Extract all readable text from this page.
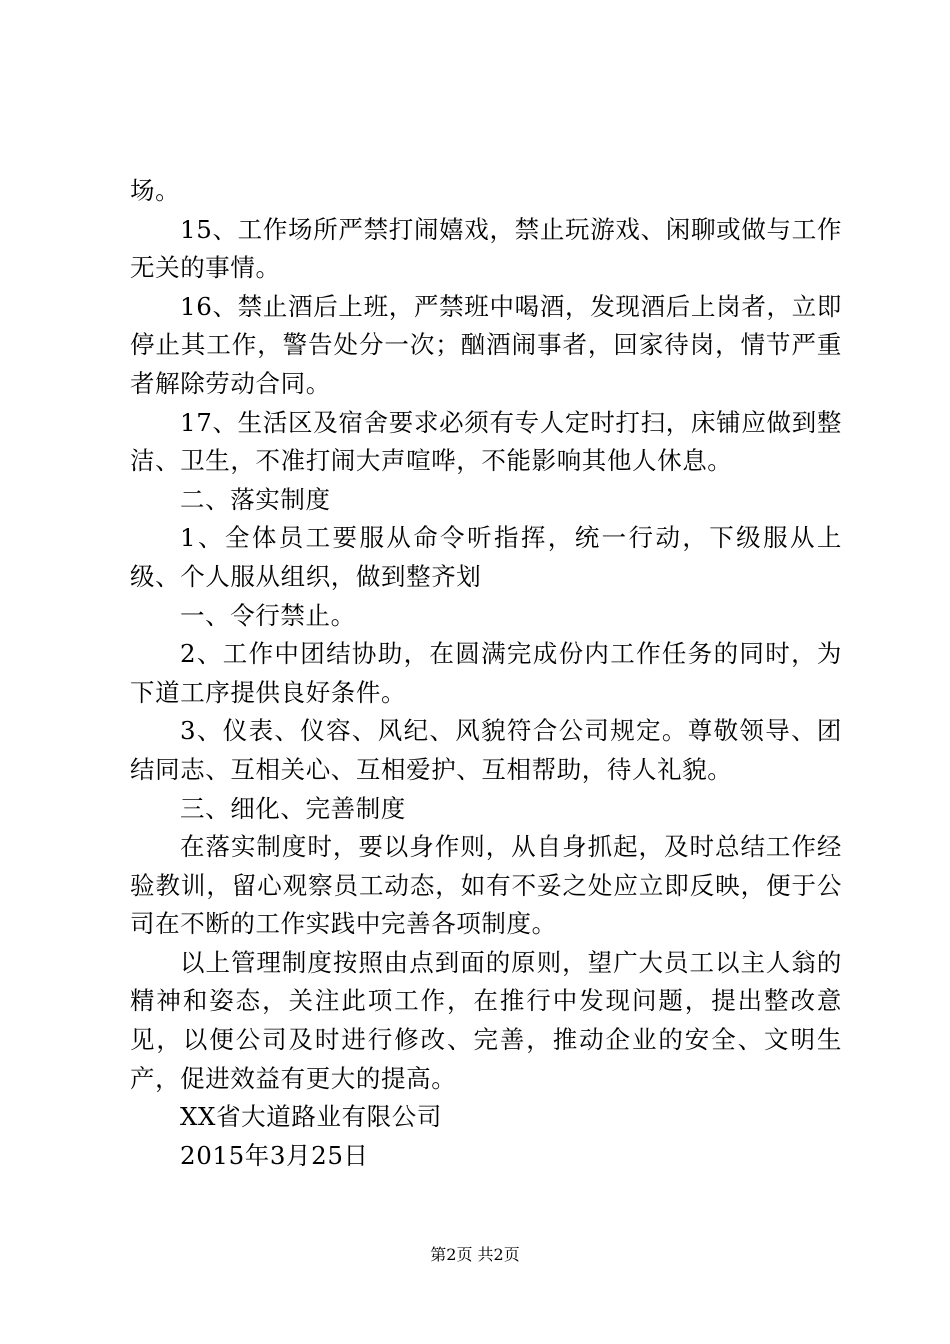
场。

15、工作场所严禁打闹嬉戏，禁止玩游戏、闲聊或做与工作无关的事情。

16、禁止酒后上班，严禁班中喝酒，发现酒后上岗者，立即停止其工作，警告处分一次；酗酒闹事者，回家待岗，情节严重者解除劳动合同。

17、生活区及宿舍要求必须有专人定时打扫，床铺应做到整洁、卫生，不准打闹大声喧哗，不能影响其他人休息。

二、落实制度

1、全体员工要服从命令听指挥，统一行动，下级服从上级、个人服从组织，做到整齐划

一、令行禁止。

2、工作中团结协助，在圆满完成份内工作任务的同时，为下道工序提供良好条件。

3、仪表、仪容、风纪、风貌符合公司规定。尊敬领导、团结同志、互相关心、互相爱护、互相帮助，待人礼貌。

三、细化、完善制度

在落实制度时，要以身作则，从自身抓起，及时总结工作经验教训，留心观察员工动态，如有不妥之处应立即反映，便于公司在不断的工作实践中完善各项制度。

以上管理制度按照由点到面的原则，望广大员工以主人翁的精神和姿态，关注此项工作，在推行中发现问题，提出整改意见，以便公司及时进行修改、完善，推动企业的安全、文明生产，促进效益有更大的提高。

XX省大道路业有限公司

2015年3月25日

第2页 共2页
